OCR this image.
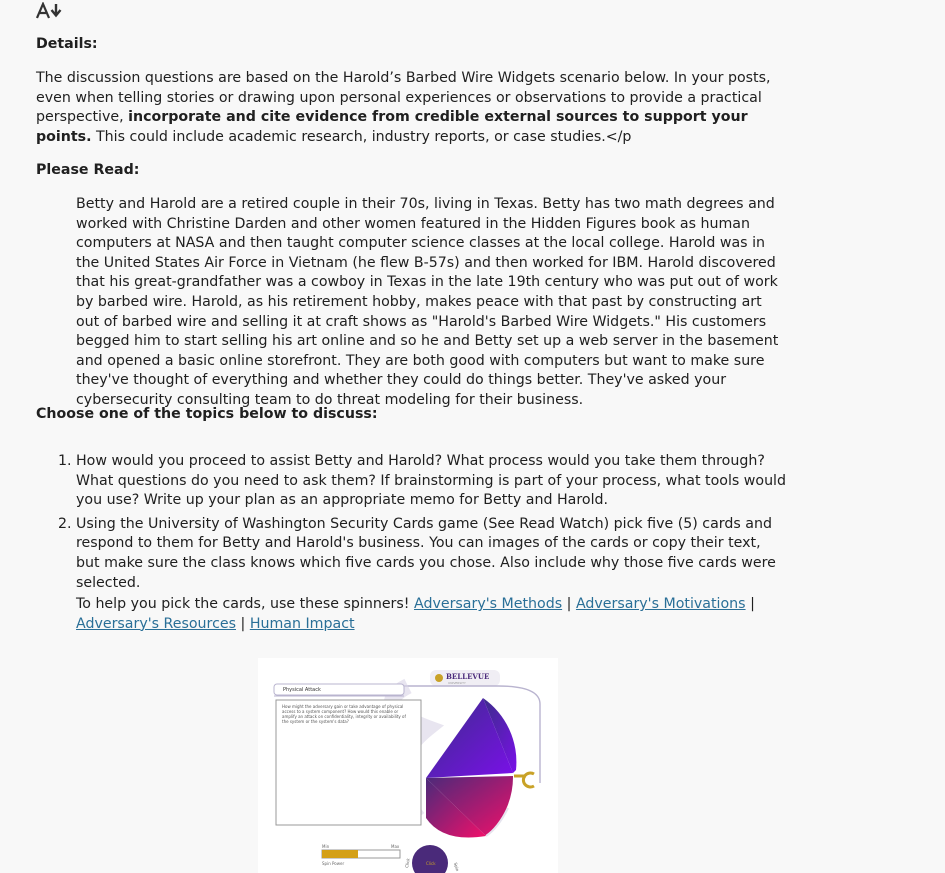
Details:

The discussion questions are based on the Harold’s Barbed Wire Widgets scenario below. In your posts, even when telling stories or drawing upon personal experiences or observations to provide a practical perspective, incorporate and cite evidence from credible external sources to support your points. This could include academic research, industry reports, or case studies.</p

Please Read:

Betty and Harold are a retired couple in their 70s, living in Texas. Betty has two math degrees and worked with Christine Darden and other women featured in the Hidden Figures book as human computers at NASA and then taught computer science classes at the local college. Harold was in the United States Air Force in Vietnam (he flew B-57s) and then worked for IBM. Harold discovered that his great-grandfather was a cowboy in Texas in the late 19th century who was put out of work by barbed wire. Harold, as his retirement hobby, makes peace with that past by constructing art out of barbed wire and selling it at craft shows as "Harold's Barbed Wire Widgets." His customers begged him to start selling his art online and so he and Betty set up a web server in the basement and opened a basic online storefront. They are both good with computers but want to make sure they've thought of everything and whether they could do things better. They've asked your cybersecurity consulting team to do threat modeling for their business.

Choose one of the topics below to discuss:
1. How would you proceed to assist Betty and Harold? What process would you take them through? What questions do you need to ask them? If brainstorming is part of your process, what tools would you use? Write up your plan as an appropriate memo for Betty and Harold.
2. Using the University of Washington Security Cards game (See Read Watch) pick five (5) cards and respond to them for Betty and Harold's business. You can images of the cards or copy their text, but make sure the class knows which five cards you chose. Also include why those five cards were selected.

To help you pick the cards, use these spinners! Adversary's Methods | Adversary's Motivations | Adversary's Resources | Human Impact

BELLEVUE
UNIVERSITY
Physical Attack
How might the adversary gain or take advantage of physical access to a system component? How would this enable or amplify an attack on confidentiality, integrity or availability of the system or the system's data?
Min	Max
Spin Power	Click
Click	Spin
